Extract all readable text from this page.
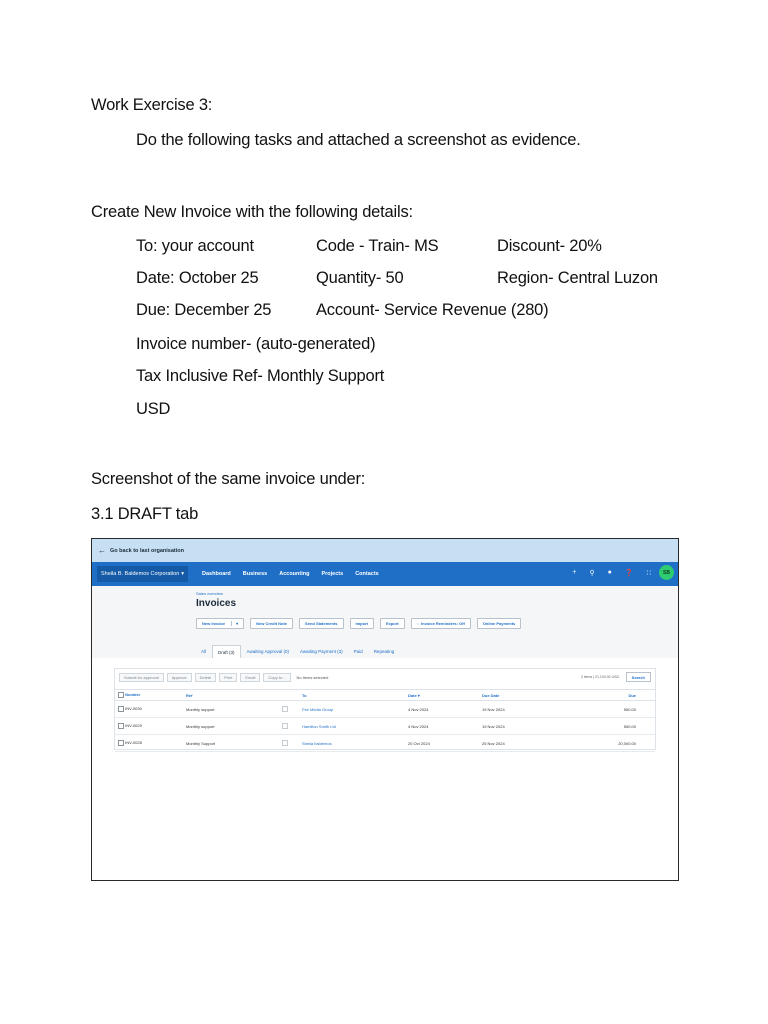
Work Exercise 3:
Do the following tasks and attached a screenshot as evidence.
Create New Invoice with the following details:
To: your account	Code - Train- MS	Discount- 20%
Date: October 25	Quantity- 50	Region- Central Luzon
Due: December 25	Account- Service Revenue (280)
Invoice number- (auto-generated)
Tax Inclusive Ref- Monthly Support
USD
Screenshot of the same invoice under:
3.1 DRAFT tab
← Go back to last organisation
Sheila B. Baldemos Corporation ▾	Dashboard Business Accounting Projects Contacts	+ ⚲ ● ❓ ∷	SB
Sales overview
Invoices
New Invoice	▾	New Credit Note	Send Statements	Import	Export	◌ Invoice Reminders: Off	Online Payments
All	Draft (3)	Awaiting Approval (0)	Awaiting Payment (3)	Paid	Repeating
Submit for approval	Approve	Delete	Print	Email	Copy to...	No items selected	3 items | 21,100.00 USD	Search
Number	Ref		To	Date ▾	Due Date	Due	
INV-0030	Monthly support		Fee Media Group	4 Nov 2024	19 Nov 2024	550.00	
INV-0029	Monthly support		Hamilton Smith Ltd	4 Nov 2024	19 Nov 2024	550.00	
INV-0028	Monthly Support		Sheila baldemos	20 Oct 2024	25 Nov 2024	20,000.00	
